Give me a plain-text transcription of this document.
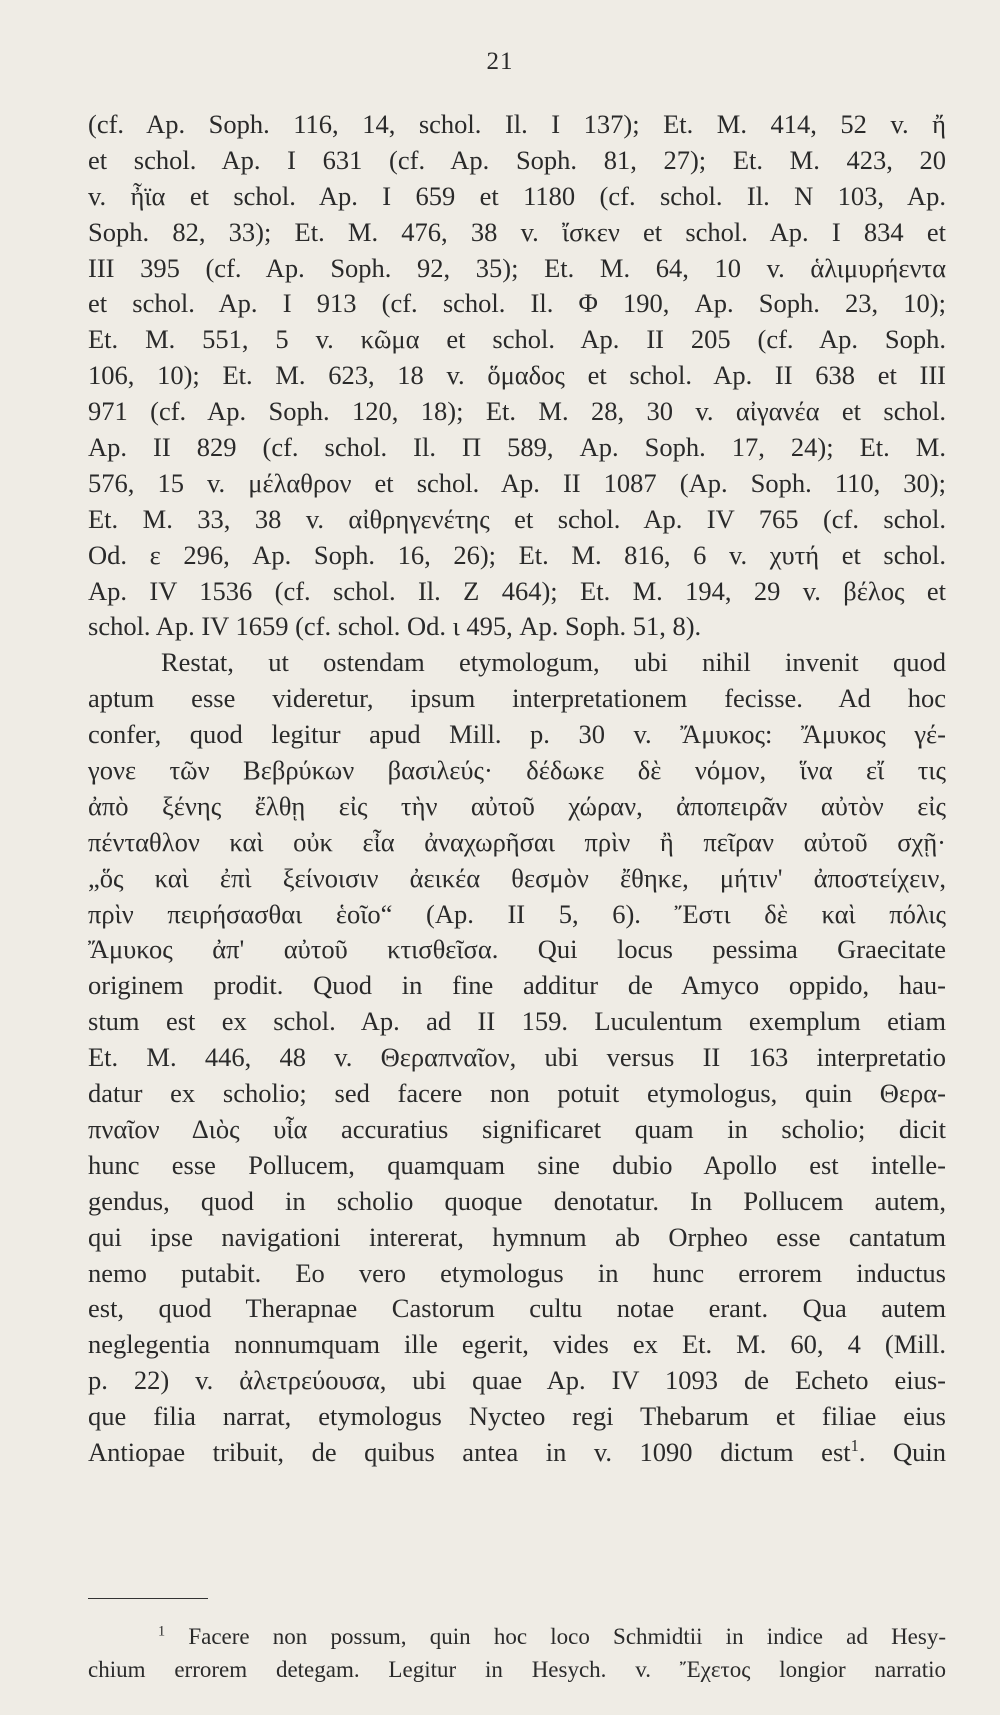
21
(cf. Ap. Soph. 116, 14, schol. Il. I 137); Et. M. 414, 52 v. ἤ
et schol. Ap. I 631 (cf. Ap. Soph. 81, 27); Et. M. 423, 20
v. ἦϊα et schol. Ap. I 659 et 1180 (cf. schol. Il. N 103, Ap.
Soph. 82, 33); Et. M. 476, 38 v. ἴσκεν et schol. Ap. I 834 et
III 395 (cf. Ap. Soph. 92, 35); Et. M. 64, 10 v. ἁλιμυρήεντα
et schol. Ap. I 913 (cf. schol. Il. Φ 190, Ap. Soph. 23, 10);
Et. M. 551, 5 v. κῶμα et schol. Ap. II 205 (cf. Ap. Soph.
106, 10); Et. M. 623, 18 v. ὅμαδος et schol. Ap. II 638 et III
971 (cf. Ap. Soph. 120, 18); Et. M. 28, 30 v. αἰγανέα et schol.
Ap. II 829 (cf. schol. Il. Π 589, Ap. Soph. 17, 24); Et. M.
576, 15 v. μέλαθρον et schol. Ap. II 1087 (Ap. Soph. 110, 30);
Et. M. 33, 38 v. αἰθρηγενέτης et schol. Ap. IV 765 (cf. schol.
Od. ε 296, Ap. Soph. 16, 26); Et. M. 816, 6 v. χυτή et schol.
Ap. IV 1536 (cf. schol. Il. Ζ 464); Et. M. 194, 29 v. βέλος et
schol. Ap. IV 1659 (cf. schol. Od. ι 495, Ap. Soph. 51, 8).
Restat, ut ostendam etymologum, ubi nihil invenit quod
aptum esse videretur, ipsum interpretationem fecisse. Ad hoc
confer, quod legitur apud Mill. p. 30 v. Ἄμυκος: Ἄμυκος γέ-
γονε τῶν Βεβρύκων βασιλεύς· δέδωκε δὲ νόμον, ἵνα εἴ τις
ἀπὸ ξένης ἔλθῃ εἰς τὴν αὐτοῦ χώραν, ἀποπειρᾶν αὐτὸν εἰς
πένταθλον καὶ οὐκ εἶα ἀναχωρῆσαι πρὶν ἢ πεῖραν αὐτοῦ σχῇ·
„ὅς καὶ ἐπὶ ξείνοισιν ἀεικέα θεσμὸν ἔθηκε, μήτιν' ἀποστείχειν,
πρὶν πειρήσασθαι ἑοῖο“ (Ap. II 5, 6). Ἔστι δὲ καὶ πόλις
Ἄμυκος ἀπ' αὐτοῦ κτισθεῖσα. Qui locus pessima Graecitate
originem prodit. Quod in fine additur de Amyco oppido, hau-
stum est ex schol. Ap. ad II 159. Luculentum exemplum etiam
Et. M. 446, 48 v. Θεραπναῖον, ubi versus II 163 interpretatio
datur ex scholio; sed facere non potuit etymologus, quin Θερα-
πναῖον Διὸς υἷα accuratius significaret quam in scholio; dicit
hunc esse Pollucem, quamquam sine dubio Apollo est intelle-
gendus, quod in scholio quoque denotatur. In Pollucem autem,
qui ipse navigationi intererat, hymnum ab Orpheo esse cantatum
nemo putabit. Eo vero etymologus in hunc errorem inductus
est, quod Therapnae Castorum cultu notae erant. Qua autem
neglegentia nonnumquam ille egerit, vides ex Et. M. 60, 4 (Mill.
p. 22) v. ἀλετρεύουσα, ubi quae Ap. IV 1093 de Echeto eius-
que filia narrat, etymologus Nycteo regi Thebarum et filiae eius
Antiopae tribuit, de quibus antea in v. 1090 dictum est$^1$. Quin
$^1$ Facere non possum, quin hoc loco Schmidtii in indice ad Hesy-
chium errorem detegam. Legitur in Hesych. v. Ἔχετος longior narratio
